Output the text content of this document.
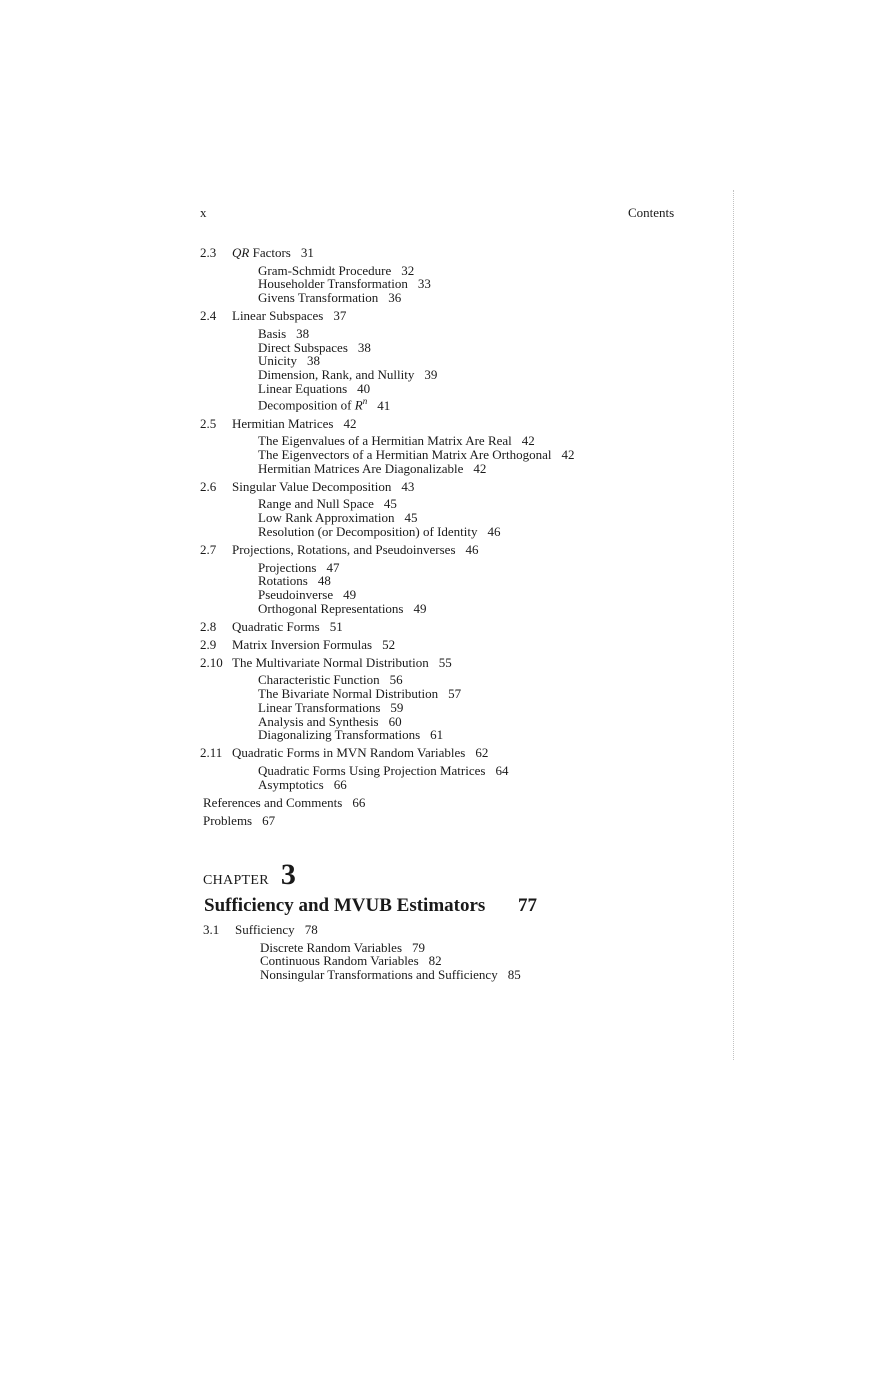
x	Contents
2.3 QR Factors 31
Gram-Schmidt Procedure 32
Householder Transformation 33
Givens Transformation 36
2.4 Linear Subspaces 37
Basis 38
Direct Subspaces 38
Unicity 38
Dimension, Rank, and Nullity 39
Linear Equations 40
Decomposition of $R^n$ 41
2.5 Hermitian Matrices 42
The Eigenvalues of a Hermitian Matrix Are Real 42
The Eigenvectors of a Hermitian Matrix Are Orthogonal 42
Hermitian Matrices Are Diagonalizable 42
2.6 Singular Value Decomposition 43
Range and Null Space 45
Low Rank Approximation 45
Resolution (or Decomposition) of Identity 46
2.7 Projections, Rotations, and Pseudoinverses 46
Projections 47
Rotations 48
Pseudoinverse 49
Orthogonal Representations 49
2.8 Quadratic Forms 51
2.9 Matrix Inversion Formulas 52
2.10 The Multivariate Normal Distribution 55
Characteristic Function 56
The Bivariate Normal Distribution 57
Linear Transformations 59
Analysis and Synthesis 60
Diagonalizing Transformations 61
2.11 Quadratic Forms in MVN Random Variables 62
Quadratic Forms Using Projection Matrices 64
Asymptotics 66
References and Comments 66
Problems 67
CHAPTER 3
Sufficiency and MVUB Estimators 77
3.1 Sufficiency 78
Discrete Random Variables 79
Continuous Random Variables 82
Nonsingular Transformations and Sufficiency 85
